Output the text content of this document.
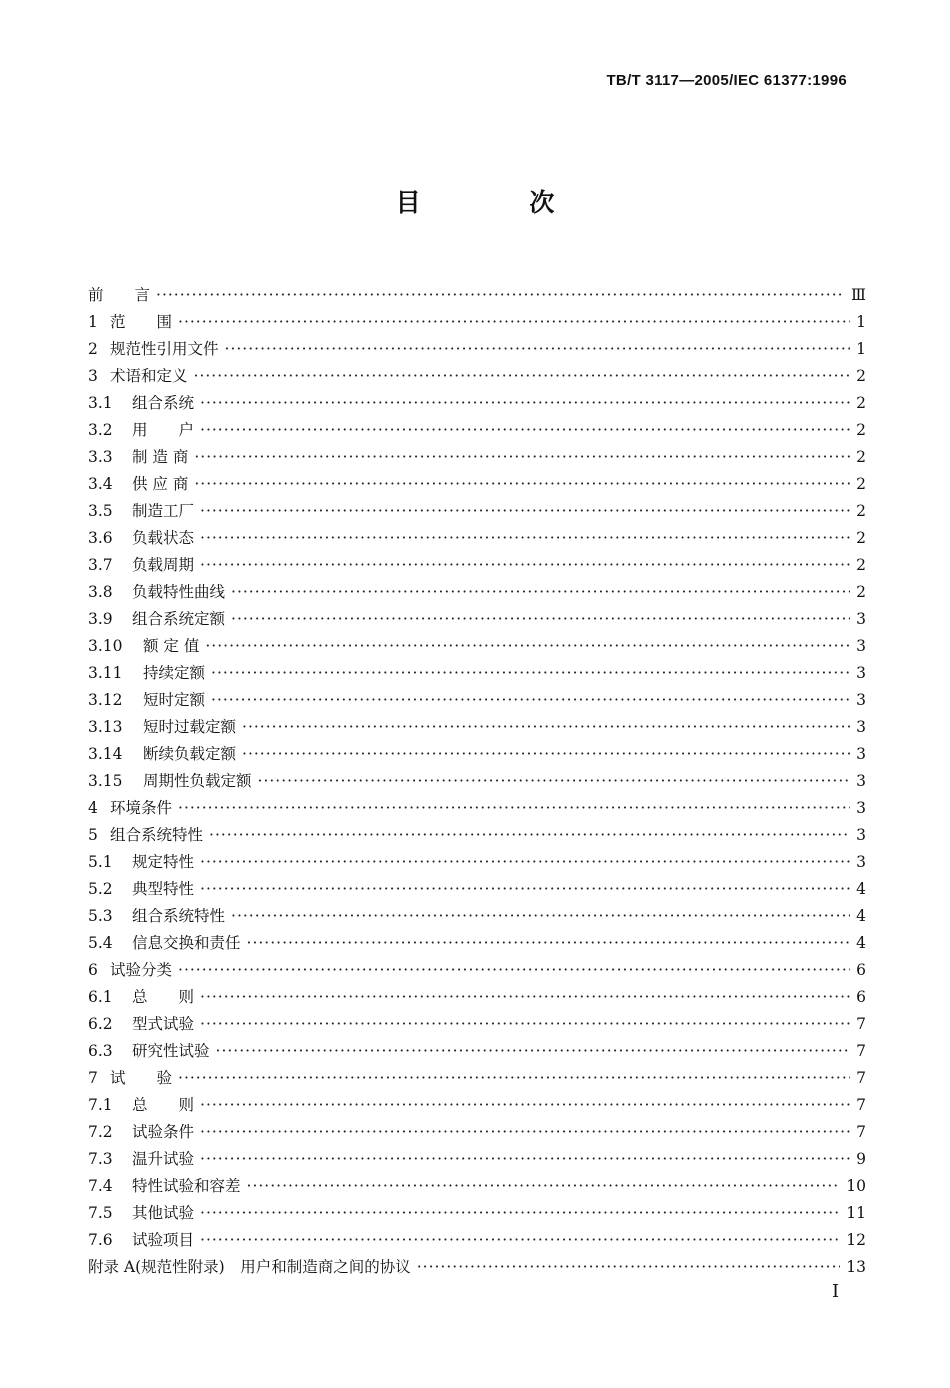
TB/T 3117—2005/IEC 61377:1996
目 次
前　　言 ·····	Ⅲ
1 范　　围 ·····	1
2 规范性引用文件 ·····	1
3 术语和定义 ·····	2
3.1	组合系统 ·····	2
3.2	用　　户 ·····	2
3.3	制 造 商 ·····	2
3.4	供 应 商 ·····	2
3.5	制造工厂 ·····	2
3.6	负载状态 ·····	2
3.7	负载周期 ·····	2
3.8	负载特性曲线 ·····	2
3.9	组合系统定额 ·····	3
3.10	额 定 值 ·····	3
3.11	持续定额 ·····	3
3.12	短时定额 ·····	3
3.13	短时过载定额 ·····	3
3.14	断续负载定额 ·····	3
3.15	周期性负载定额 ·····	3
4 环境条件 ·····	3
5 组合系统特性 ·····	3
5.1	规定特性 ·····	3
5.2	典型特性 ·····	4
5.3	组合系统特性 ·····	4
5.4	信息交换和责任 ·····	4
6 试验分类 ·····	6
6.1	总　　则 ·····	6
6.2	型式试验 ·····	7
6.3	研究性试验 ·····	7
7 试　　验 ·····	7
7.1	总　　则 ·····	7
7.2	试验条件 ·····	7
7.3	温升试验 ·····	9
7.4	特性试验和容差 ·····	10
7.5	其他试验 ·····	11
7.6	试验项目 ·····	12
附录 A(规范性附录)　用户和制造商之间的协议 ·····	13
I
